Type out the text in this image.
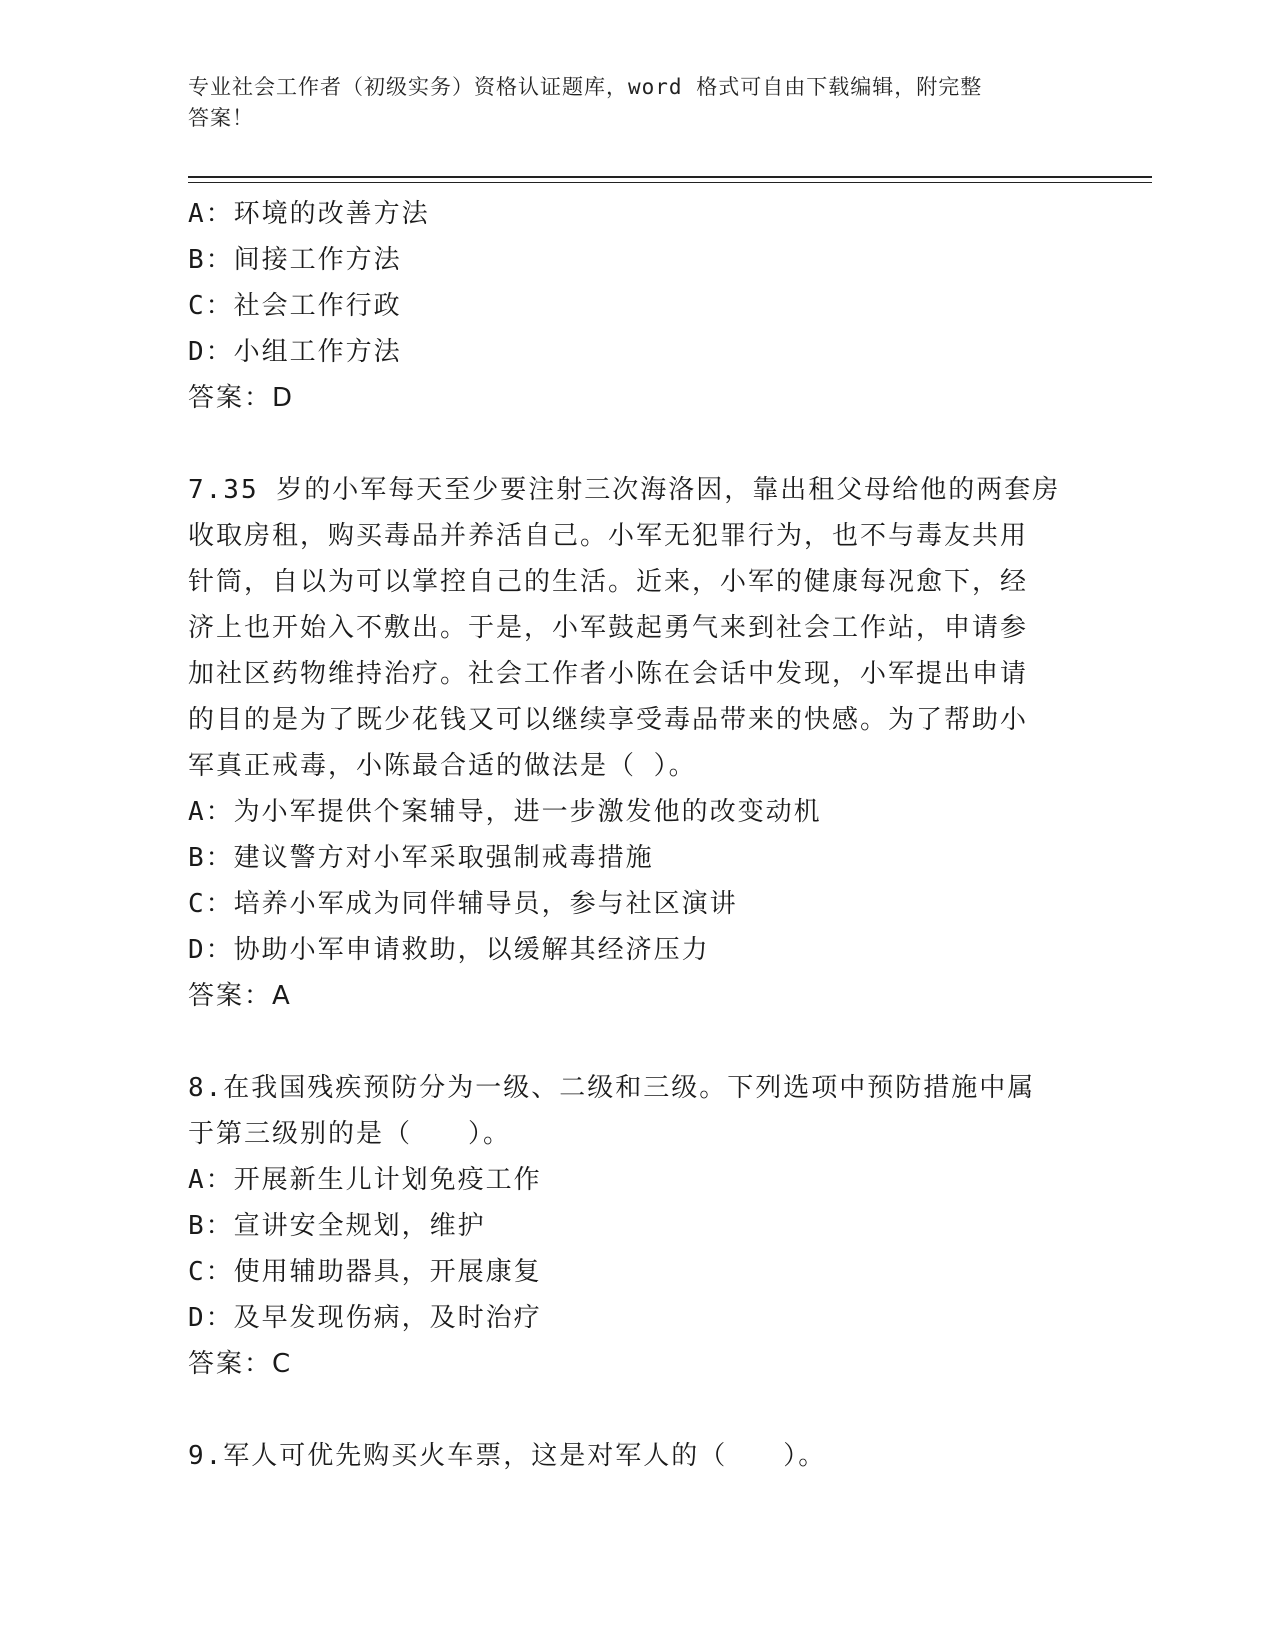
专业社会工作者（初级实务）资格认证题库，word 格式可自由下载编辑，附完整
答案！
A：环境的改善方法
B：间接工作方法
C：社会工作行政
D：小组工作方法
答案：D
7.35 岁的小军每天至少要注射三次海洛因，靠出租父母给他的两套房
收取房租，购买毒品并养活自己。小军无犯罪行为，也不与毒友共用
针筒，自以为可以掌控自己的生活。近来，小军的健康每况愈下，经
济上也开始入不敷出。于是，小军鼓起勇气来到社会工作站，申请参
加社区药物维持治疗。社会工作者小陈在会话中发现，小军提出申请
的目的是为了既少花钱又可以继续享受毒品带来的快感。为了帮助小
军真正戒毒，小陈最合适的做法是（ ）。
A：为小军提供个案辅导，进一步激发他的改变动机
B：建议警方对小军采取强制戒毒措施
C：培养小军成为同伴辅导员，参与社区演讲
D：协助小军申请救助，以缓解其经济压力
答案：A
8.在我国残疾预防分为一级、二级和三级。下列选项中预防措施中属
于第三级别的是（　　）。
A：开展新生儿计划免疫工作
B：宣讲安全规划，维护
C：使用辅助器具，开展康复
D：及早发现伤病，及时治疗
答案：C
9.军人可优先购买火车票，这是对军人的（　　）。
